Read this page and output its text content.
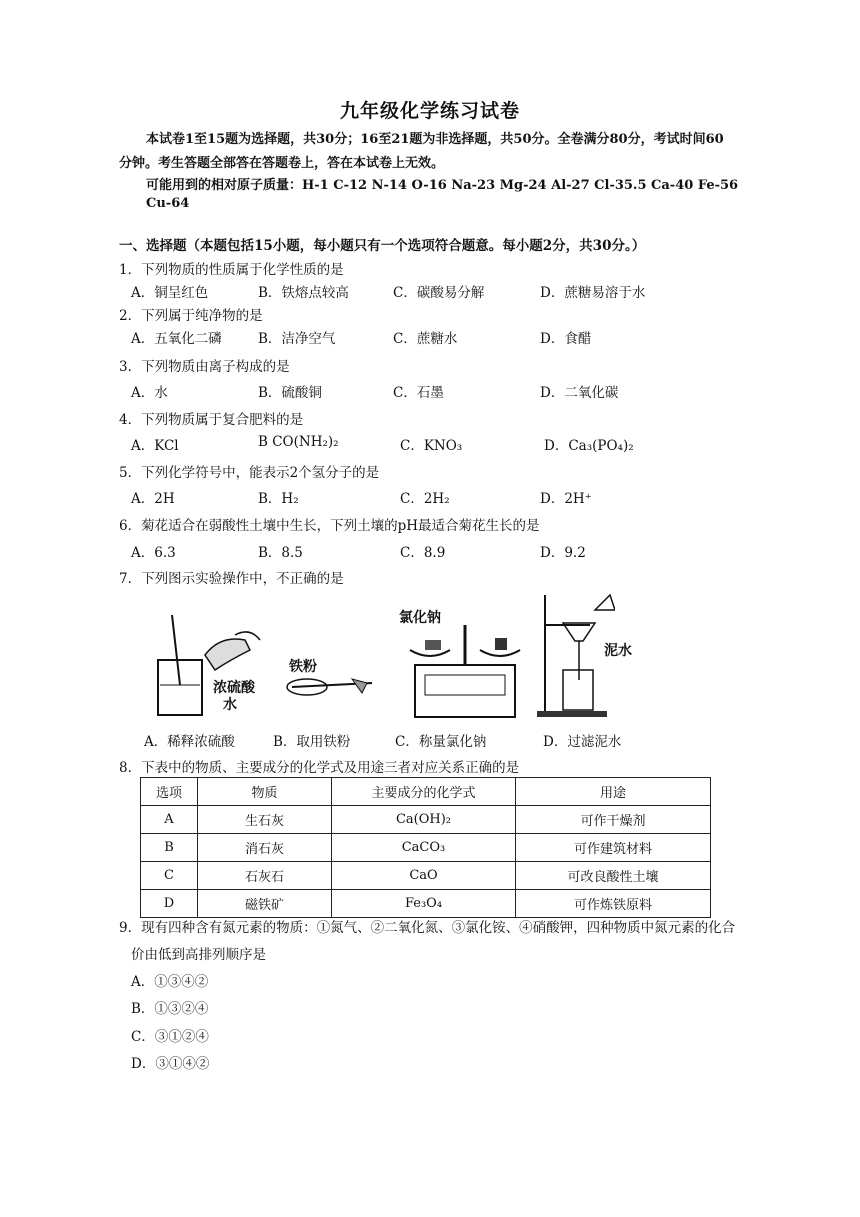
九年级化学练习试卷
本试卷1至15题为选择题，共30分；16至21题为非选择题，共50分。全卷满分80分，考试时间60
分钟。考生答题全部答在答题卷上，答在本试卷上无效。
可能用到的相对原子质量：H-1 C-12 N-14 O-16 Na-23 Mg-24 Al-27 Cl-35.5 Ca-40 Fe-56
Cu-64
一、选择题（本题包括15小题，每小题只有一个选项符合题意。每小题2分，共30分。）
1．下列物质的性质属于化学性质的是
A．铜呈红色	B．铁熔点较高	C．碳酸易分解	D．蔗糖易溶于水
2．下列属于纯净物的是
A．五氧化二磷	B．洁净空气	C．蔗糖水	D．食醋
3．下列物质由离子构成的是
A．水	B．硫酸铜	C．石墨	D．二氧化碳
4．下列物质属于复合肥料的是
A．KCl	B CO(NH₂)₂	C．KNO₃	D．Ca₃(PO₄)₂
5．下列化学符号中，能表示2个氢分子的是
A．2H	B．H₂	C．2H₂	D．2H⁺
6．菊花适合在弱酸性土壤中生长，下列土壤的pH最适合菊花生长的是
A．6.3	B．8.5	C．8.9	D．9.2
7．下列图示实验操作中，不正确的是
浓硫酸
水
铁粉
氯化钠
泥水
A．稀释浓硫酸	B．取用铁粉	C．称量氯化钠	D．过滤泥水
8．下表中的物质、主要成分的化学式及用途三者对应关系正确的是
选项	物质	主要成分的化学式	用途
A	生石灰	Ca(OH)₂	可作干燥剂
B	消石灰	CaCO₃	可作建筑材料
C	石灰石	CaO	可改良酸性土壤
D	磁铁矿	Fe₃O₄	可作炼铁原料
9．现有四种含有氮元素的物质：①氮气、②二氧化氮、③氯化铵、④硝酸钾，四种物质中氮元素的化合
价由低到高排列顺序是
A．①③④②
B．①③②④
C．③①②④
D．③①④②
